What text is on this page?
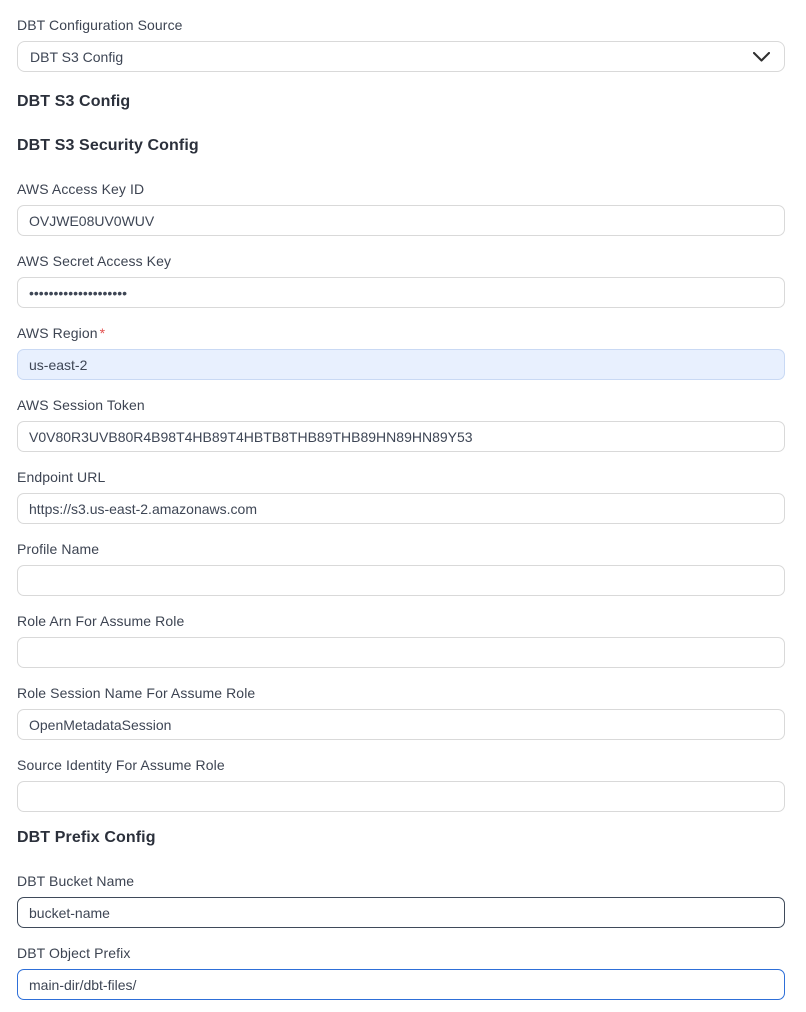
DBT Configuration Source
DBT S3 Config
DBT S3 Config
DBT S3 Security Config
AWS Access Key ID
OVJWE08UV0WUV
AWS Secret Access Key
••••••••••••••••••••
AWS Region *
us-east-2
AWS Session Token
V0V80R3UVB80R4B98T4HB89T4HBTB8THB89THB89HN89HN89Y53
Endpoint URL
https://s3.us-east-2.amazonaws.com
Profile Name
Role Arn For Assume Role
Role Session Name For Assume Role
OpenMetadataSession
Source Identity For Assume Role
DBT Prefix Config
DBT Bucket Name
bucket-name
DBT Object Prefix
main-dir/dbt-files/
